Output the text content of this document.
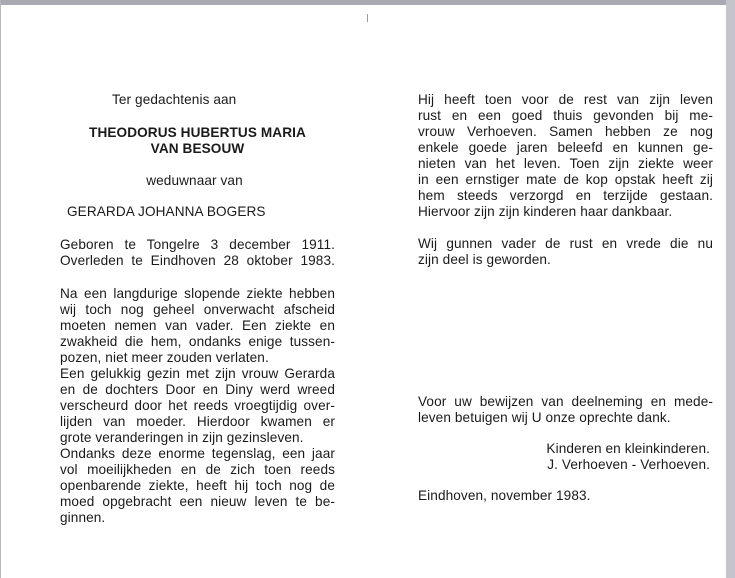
Ter gedachtenis aan
THEODORUS HUBERTUS MARIA
VAN BESOUW
weduwnaar van
GERARDA JOHANNA BOGERS
Geboren te Tongelre 3 december 1911.
Overleden te Eindhoven 28 oktober 1983.
Na een langdurige slopende ziekte hebben
wij toch nog geheel onverwacht afscheid
moeten nemen van vader. Een ziekte en
zwakheid die hem, ondanks enige tussen-
pozen, niet meer zouden verlaten.
Een gelukkig gezin met zijn vrouw Gerarda
en de dochters Door en Diny werd wreed
verscheurd door het reeds vroegtijdig over-
lijden van moeder. Hierdoor kwamen er
grote veranderingen in zijn gezinsleven.
Ondanks deze enorme tegenslag, een jaar
vol moeilijkheden en de zich toen reeds
openbarende ziekte, heeft hij toch nog de
moed opgebracht een nieuw leven te be-
ginnen.
Hij heeft toen voor de rest van zijn leven
rust en een goed thuis gevonden bij me-
vrouw Verhoeven. Samen hebben ze nog
enkele goede jaren beleefd en kunnen ge-
nieten van het leven. Toen zijn ziekte weer
in een ernstiger mate de kop opstak heeft zij
hem steeds verzorgd en terzijde gestaan.
Hiervoor zijn zijn kinderen haar dankbaar.
Wij gunnen vader de rust en vrede die nu
zijn deel is geworden.
Voor uw bewijzen van deelneming en mede-
leven betuigen wij U onze oprechte dank.
Kinderen en kleinkinderen.
J. Verhoeven - Verhoeven.
Eindhoven, november 1983.
